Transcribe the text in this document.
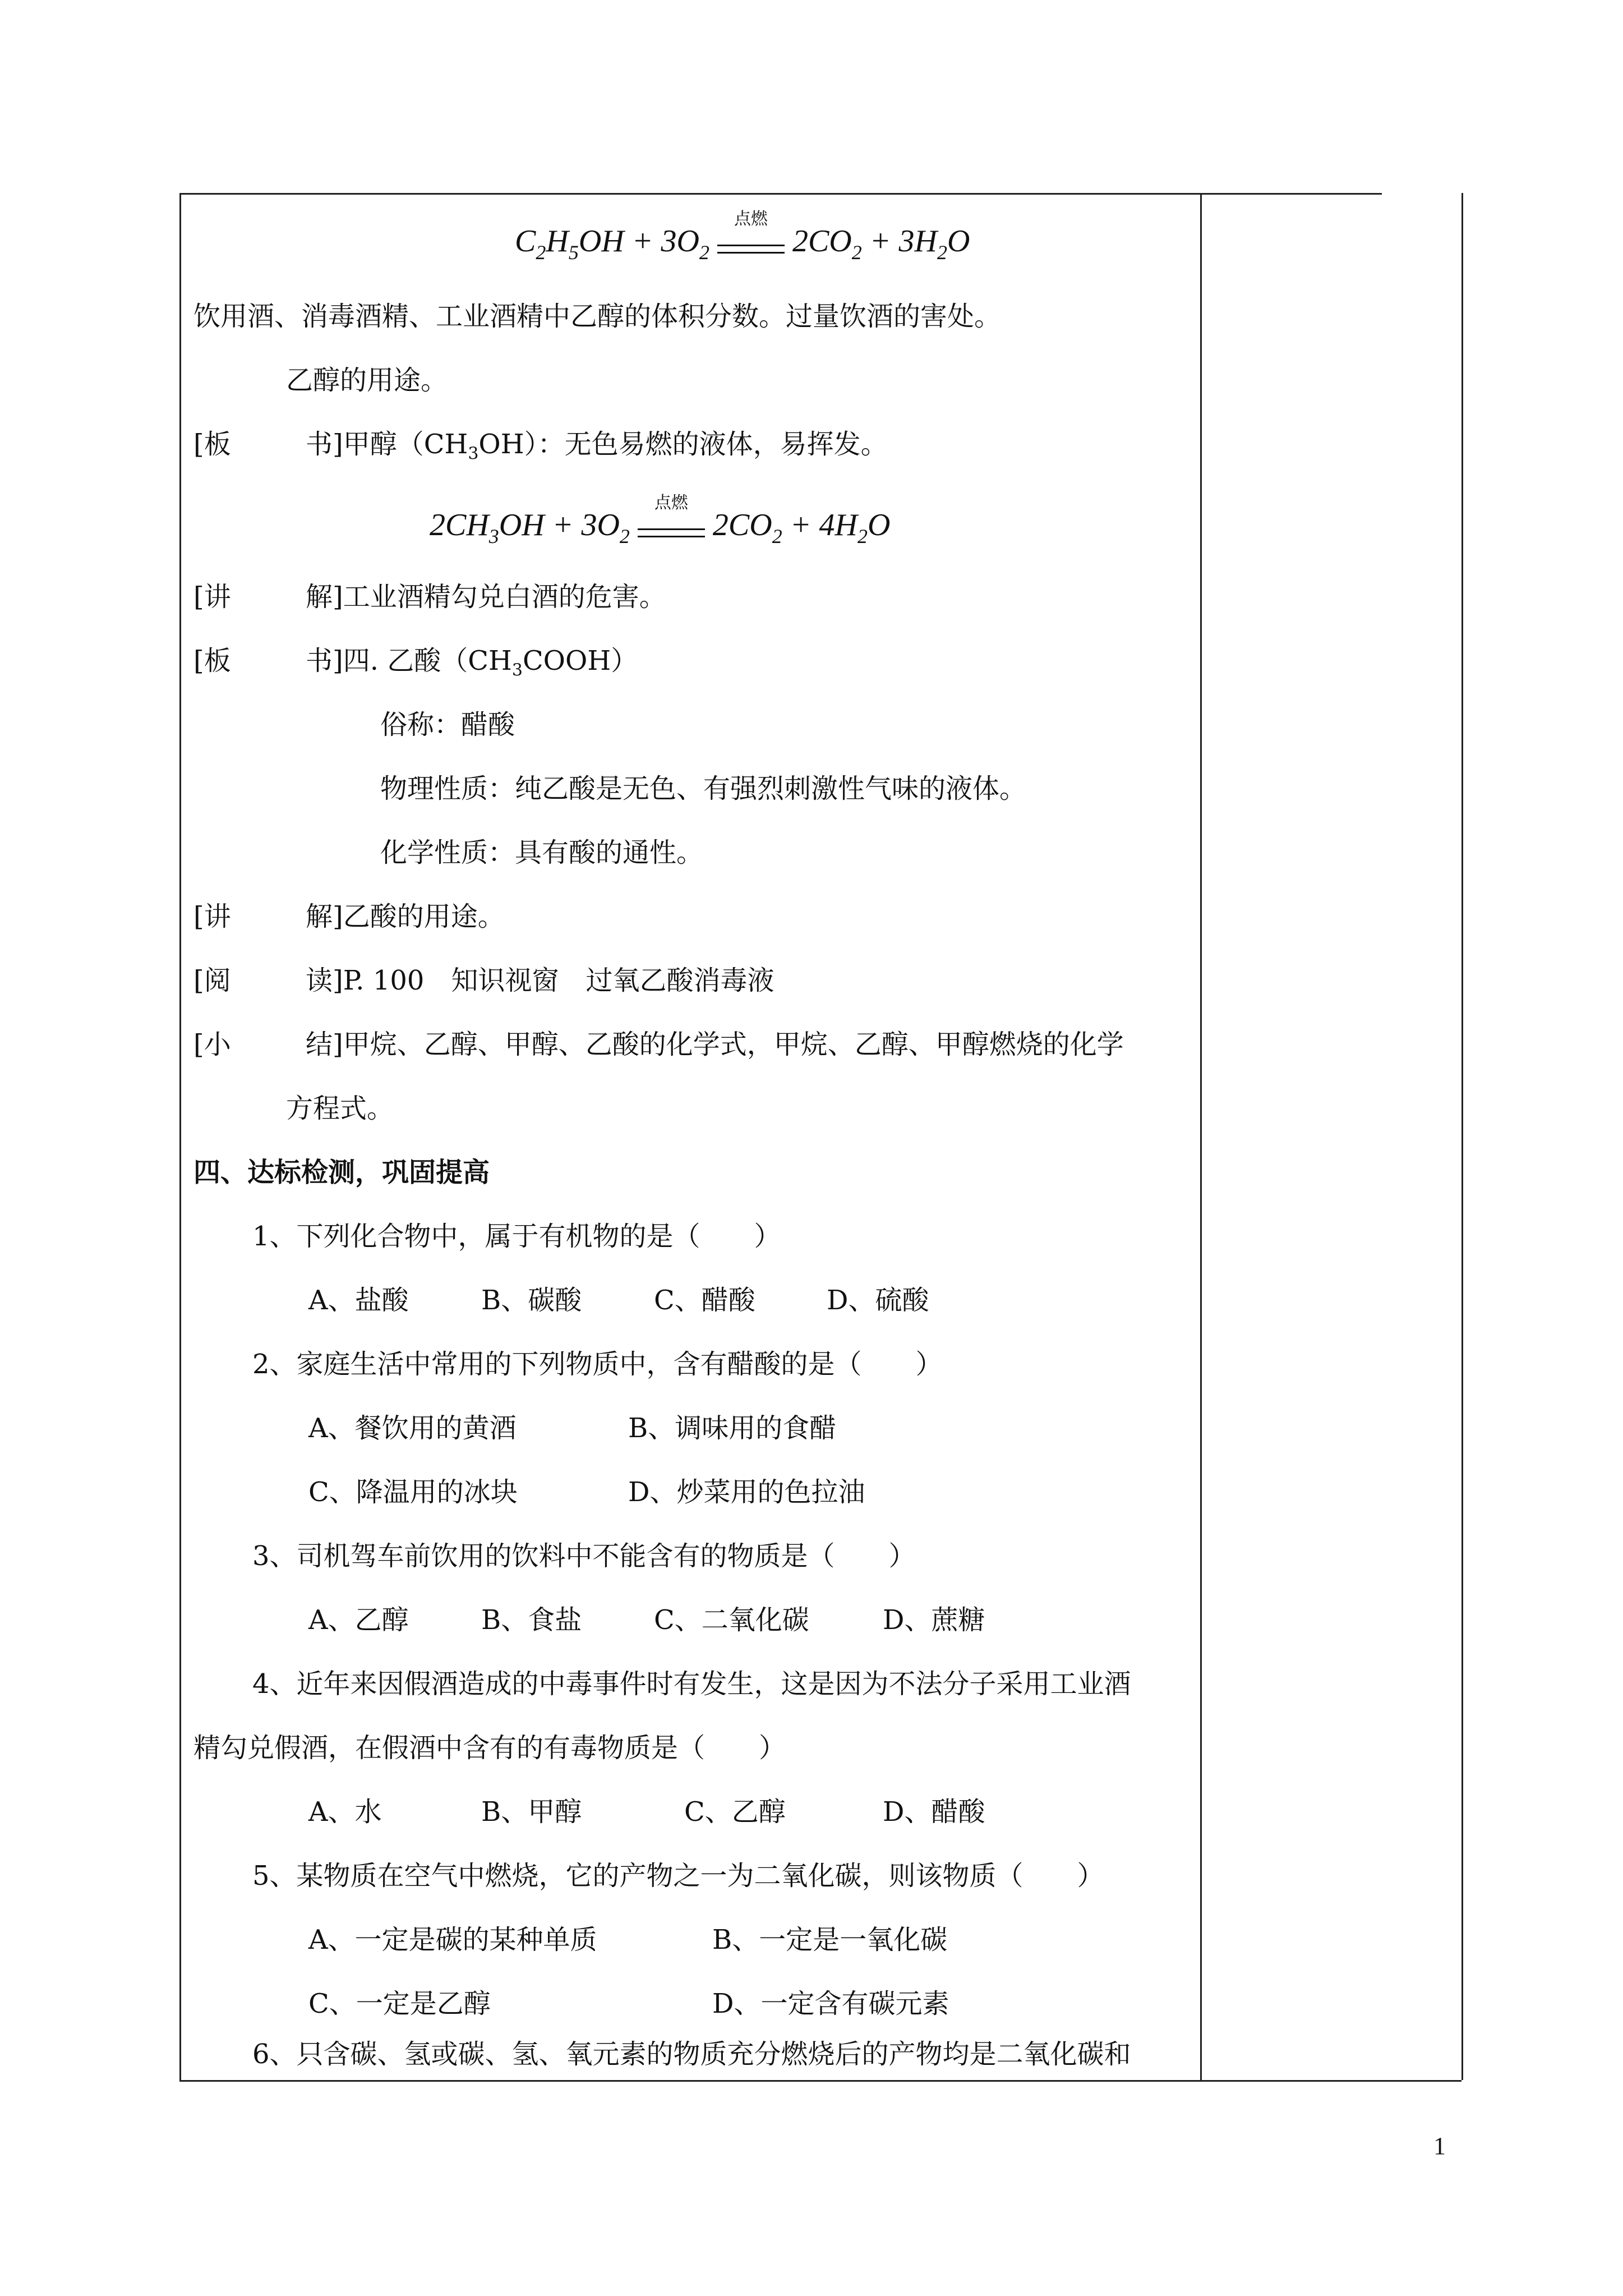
$C_2H_5OH + 3O_2$
点燃
$2CO_2 + 3H_2O$
饮用酒、消毒酒精、工业酒精中乙醇的体积分数。过量饮酒的害处。
乙醇的用途。
[板	书]甲醇$(CH_3OH)$：无色易燃的液体，易挥发。
$2CH_3OH + 3O_2$
点燃
$2CO_2 + 4H_2O$
[讲	解]工业酒精勾兑白酒的危害。
[板	书]四. 乙酸$(CH_3COOH)$
俗称：醋酸
物理性质：纯乙酸是无色、有强烈刺激性气味的液体。
化学性质：具有酸的通性。
[讲	解]乙酸的用途。
[阅	读]P. 100　知识视窗　过氧乙酸消毒液
[小	结]甲烷、乙醇、甲醇、乙酸的化学式，甲烷、乙醇、甲醇燃烧的化学
方程式。
四、达标检测，巩固提高
1、下列化合物中，属于有机物的是（　　）
A、盐酸	B、碳酸	C、醋酸	D、硫酸
2、家庭生活中常用的下列物质中，含有醋酸的是（　　）
A、餐饮用的黄酒	B、调味用的食醋
C、降温用的冰块	D、炒菜用的色拉油
3、司机驾车前饮用的饮料中不能含有的物质是（　　）
A、乙醇	B、食盐	C、二氧化碳	D、蔗糖
4、近年来因假酒造成的中毒事件时有发生，这是因为不法分子采用工业酒
精勾兑假酒，在假酒中含有的有毒物质是（　　）
A、水	B、甲醇	C、乙醇	D、醋酸
5、某物质在空气中燃烧，它的产物之一为二氧化碳，则该物质（　　）
A、一定是碳的某种单质	B、一定是一氧化碳
C、一定是乙醇	D、一定含有碳元素
6、只含碳、氢或碳、氢、氧元素的物质充分燃烧后的产物均是二氧化碳和
1
